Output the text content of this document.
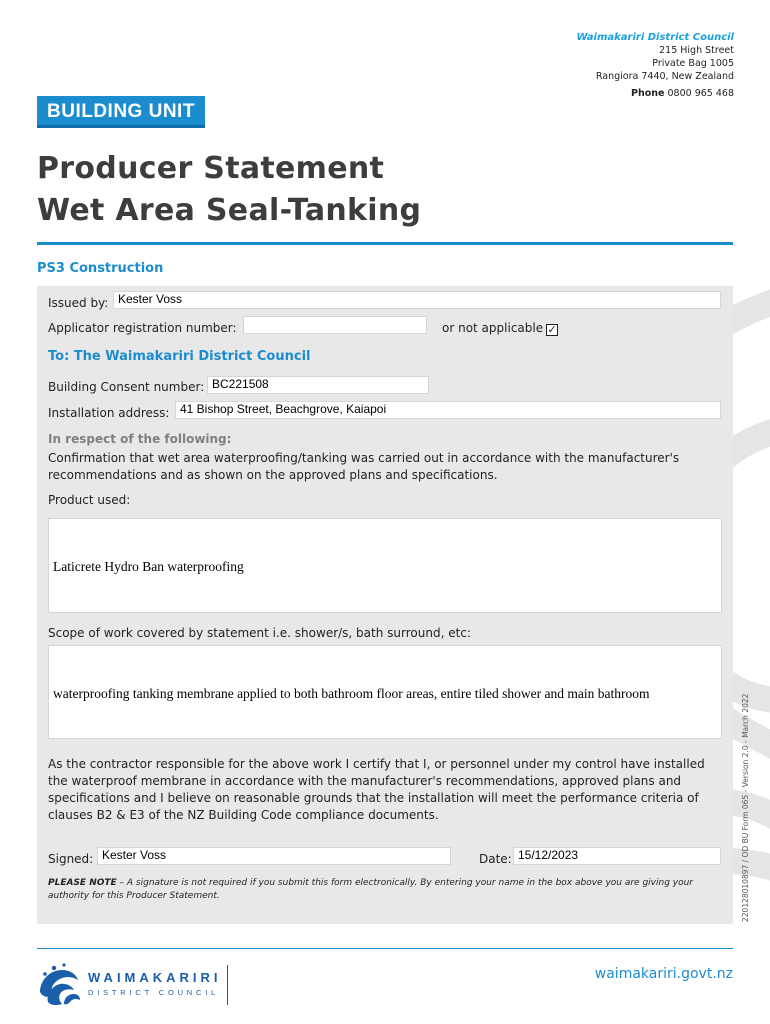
Waimakariri District Council
215 High Street
Private Bag 1005
Rangiora 7440, New Zealand
Phone 0800 965 468
BUILDING UNIT
Producer Statement
Wet Area Seal-Tanking
PS3 Construction
Issued by: Kester Voss
Applicator registration number:	or not applicable ✓
To: The Waimakariri District Council
Building Consent number: BC221508
Installation address: 41 Bishop Street, Beachgrove, Kaiapoi
In respect of the following:
Confirmation that wet area waterproofing/tanking was carried out in accordance with the manufacturer's recommendations and as shown on the approved plans and specifications.
Product used:
Laticrete Hydro Ban waterproofing
Scope of work covered by statement i.e. shower/s, bath surround, etc:
waterproofing tanking membrane applied to both bathroom floor areas, entire tiled shower and main bathroom
As the contractor responsible for the above work I certify that I, or personnel under my control have installed the waterproof membrane in accordance with the manufacturer's recommendations, approved plans and specifications and I believe on reasonable grounds that the installation will meet the performance criteria of clauses B2 & E3 of the NZ Building Code compliance documents.
Signed: Kester Voss	Date: 15/12/2023
PLEASE NOTE – A signature is not required if you submit this form electronically. By entering your name in the box above you are giving your authority for this Producer Statement.	220128010897 / OD BU Form 065 - Version 2.0 - March 2022
WAIMAKARIRI
DISTRICT COUNCIL
waimakariri.govt.nz
